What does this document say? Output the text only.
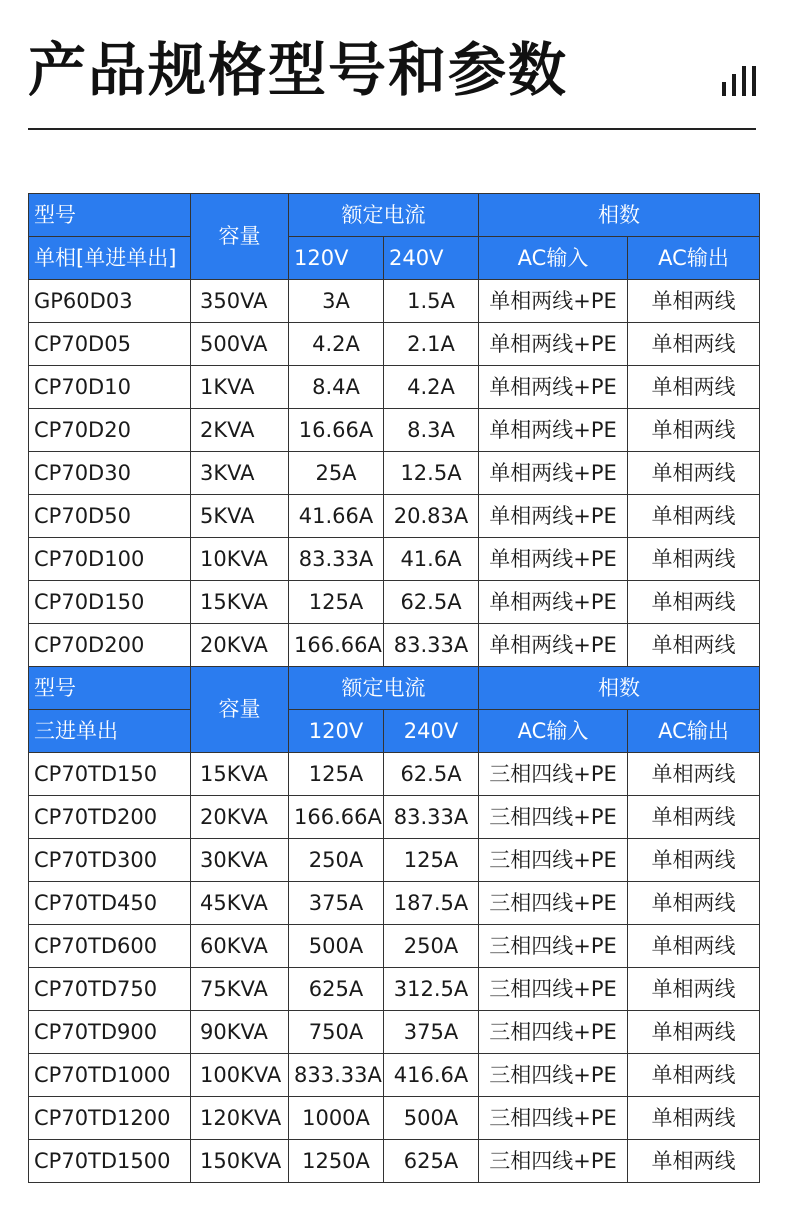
产品规格型号和参数
型号	容量	额定电流		相数	
单相[单进单出]		120V	240V	AC输入	AC输出
GP60D03	350VA	3A	1.5A	单相两线+PE	单相两线
CP70D05	500VA	4.2A	2.1A	单相两线+PE	单相两线
CP70D10	1KVA	8.4A	4.2A	单相两线+PE	单相两线
CP70D20	2KVA	16.66A	8.3A	单相两线+PE	单相两线
CP70D30	3KVA	25A	12.5A	单相两线+PE	单相两线
CP70D50	5KVA	41.66A	20.83A	单相两线+PE	单相两线
CP70D100	10KVA	83.33A	41.6A	单相两线+PE	单相两线
CP70D150	15KVA	125A	62.5A	单相两线+PE	单相两线
CP70D200	20KVA	166.66A	83.33A	单相两线+PE	单相两线
型号	容量	额定电流		相数	
三进单出		120V	240V	AC输入	AC输出
CP70TD150	15KVA	125A	62.5A	三相四线+PE	单相两线
CP70TD200	20KVA	166.66A	83.33A	三相四线+PE	单相两线
CP70TD300	30KVA	250A	125A	三相四线+PE	单相两线
CP70TD450	45KVA	375A	187.5A	三相四线+PE	单相两线
CP70TD600	60KVA	500A	250A	三相四线+PE	单相两线
CP70TD750	75KVA	625A	312.5A	三相四线+PE	单相两线
CP70TD900	90KVA	750A	375A	三相四线+PE	单相两线
CP70TD1000	100KVA	833.33A	416.6A	三相四线+PE	单相两线
CP70TD1200	120KVA	1000A	500A	三相四线+PE	单相两线
CP70TD1500	150KVA	1250A	625A	三相四线+PE	单相两线
